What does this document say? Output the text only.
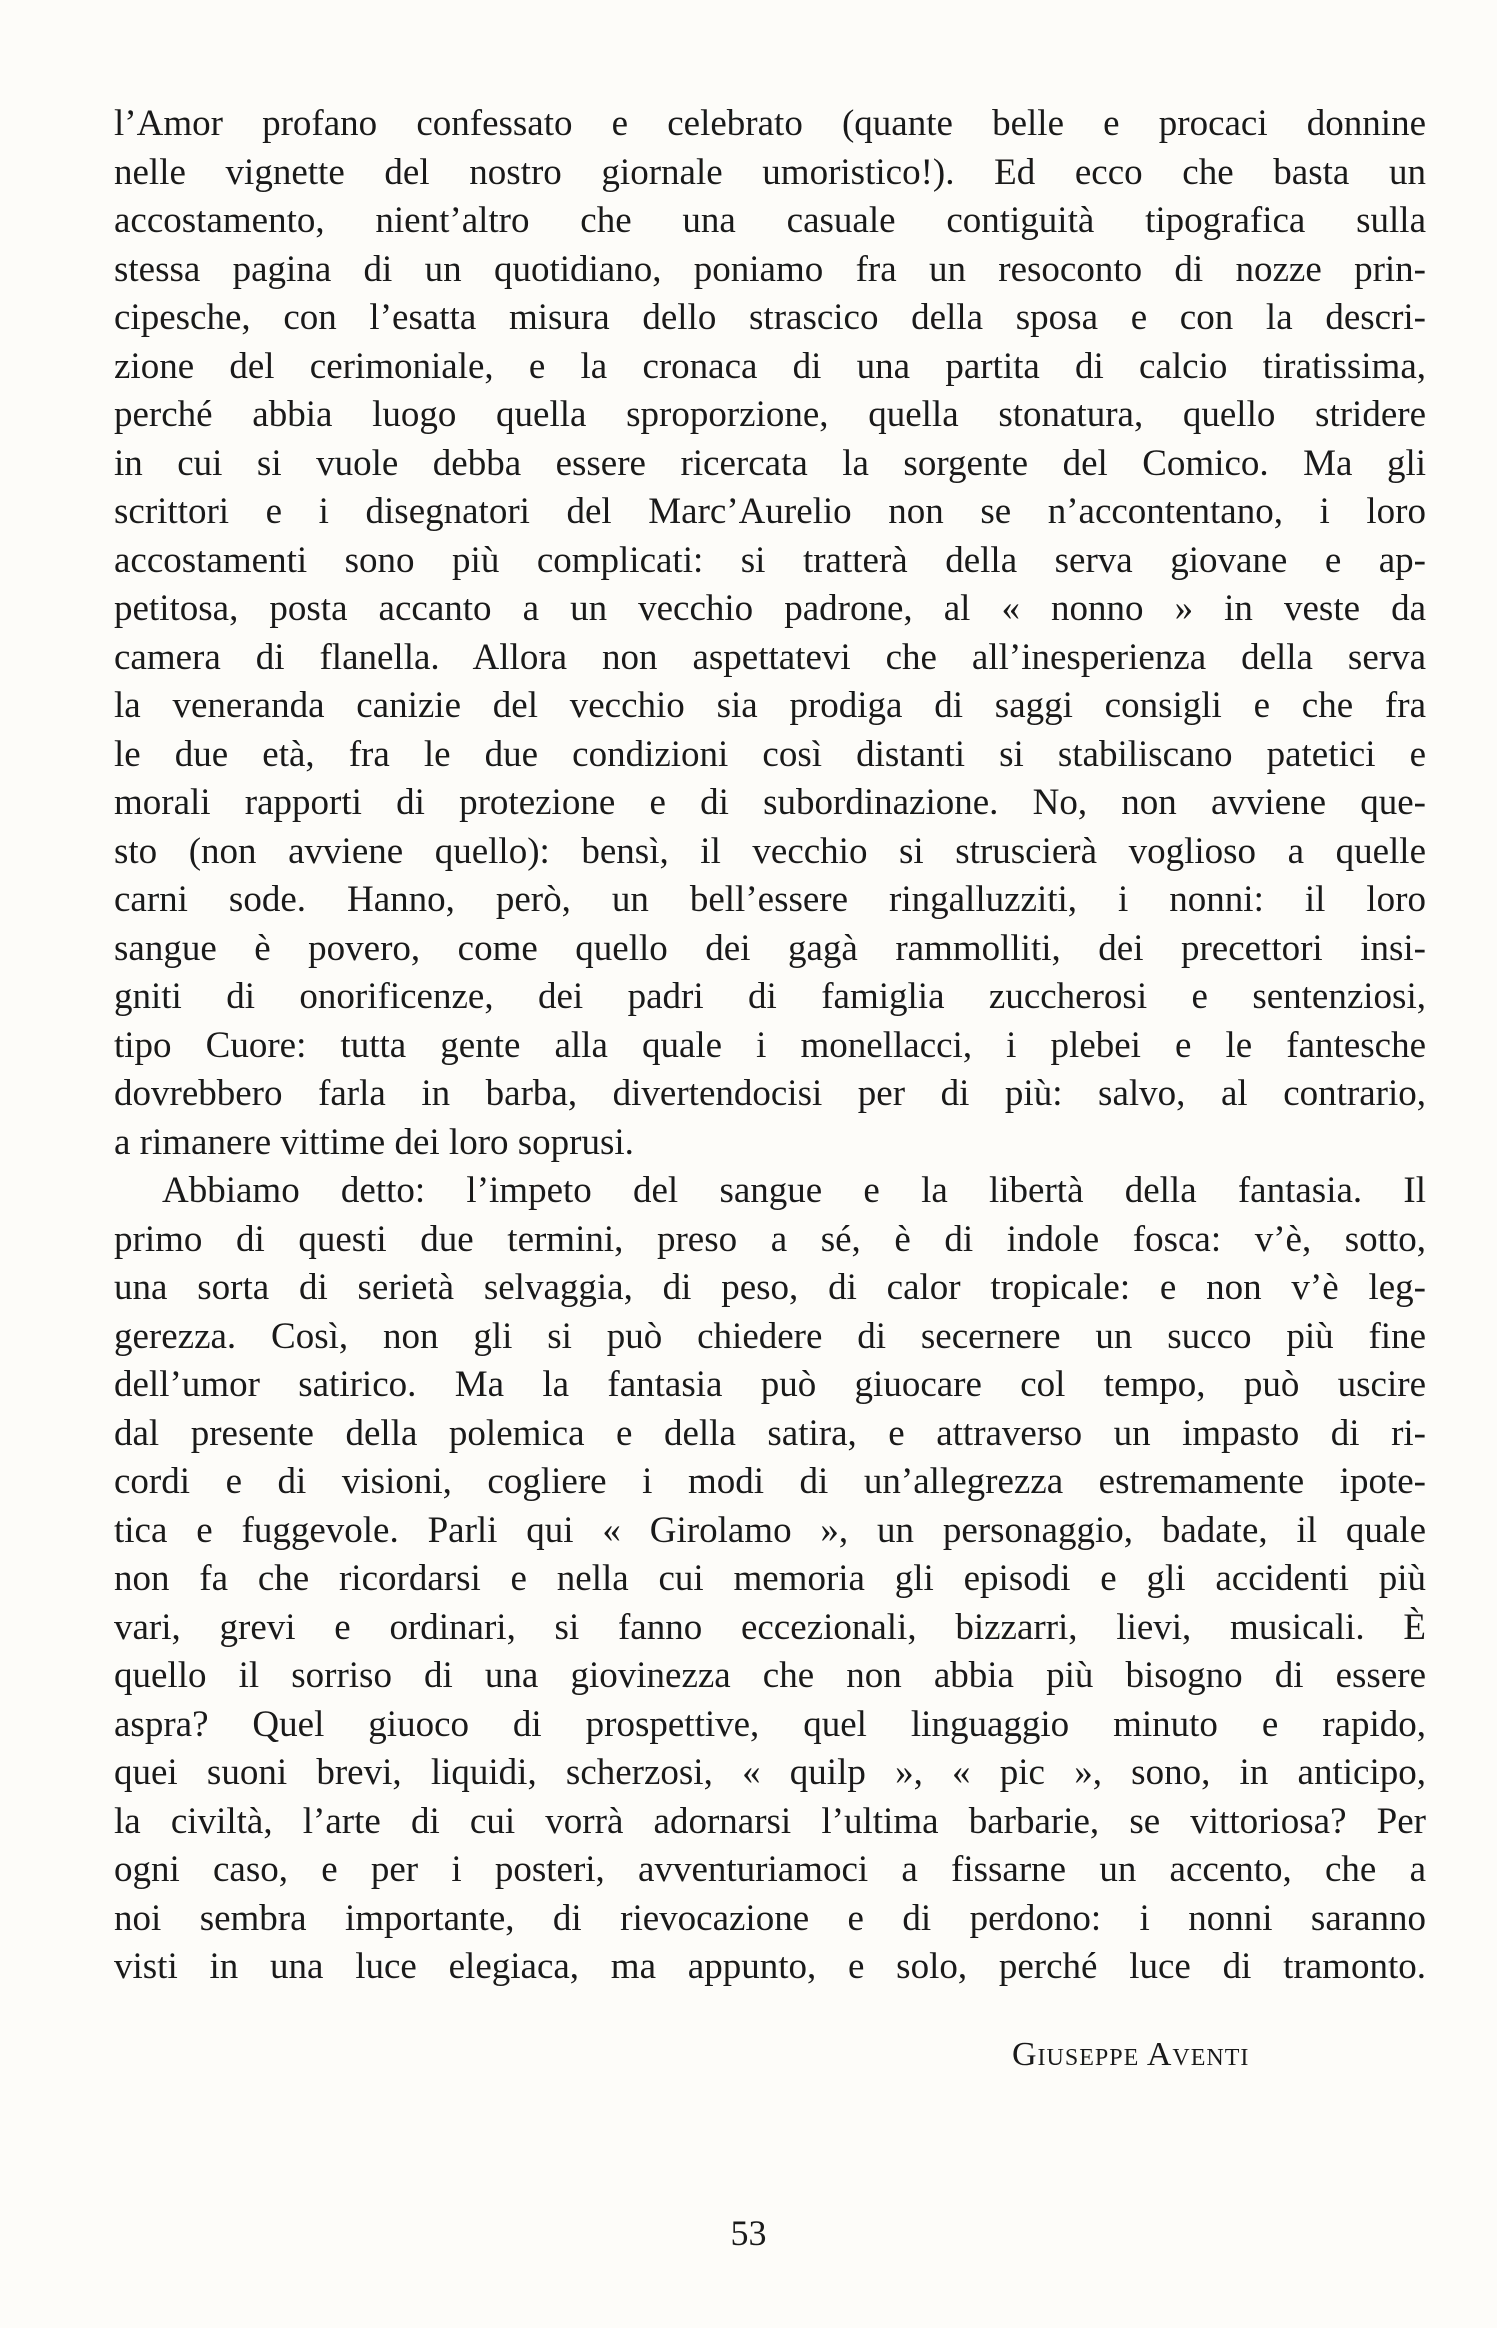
l’Amor profano confessato e celebrato (quante belle e procaci donnine
nelle vignette del nostro giornale umoristico!). Ed ecco che basta un
accostamento, nient’altro che una casuale contiguità tipografica sulla
stessa pagina di un quotidiano, poniamo fra un resoconto di nozze prin-
cipesche, con l’esatta misura dello strascico della sposa e con la descri-
zione del cerimoniale, e la cronaca di una partita di calcio tiratissima,
perché abbia luogo quella sproporzione, quella stonatura, quello stridere
in cui si vuole debba essere ricercata la sorgente del Comico. Ma gli
scrittori e i disegnatori del Marc’Aurelio non se n’accontentano, i loro
accostamenti sono più complicati: si tratterà della serva giovane e ap-
petitosa, posta accanto a un vecchio padrone, al « nonno » in veste da
camera di flanella. Allora non aspettatevi che all’inesperienza della serva
la veneranda canizie del vecchio sia prodiga di saggi consigli e che fra
le due età, fra le due condizioni così distanti si stabiliscano patetici e
morali rapporti di protezione e di subordinazione. No, non avviene que-
sto (non avviene quello): bensì, il vecchio si struscierà voglioso a quelle
carni sode. Hanno, però, un bell’essere ringalluzziti, i nonni: il loro
sangue è povero, come quello dei gagà rammolliti, dei precettori insi-
gniti di onorificenze, dei padri di famiglia zuccherosi e sentenziosi,
tipo Cuore: tutta gente alla quale i monellacci, i plebei e le fantesche
dovrebbero farla in barba, divertendocisi per di più: salvo, al contrario,
a rimanere vittime dei loro soprusi.
Abbiamo detto: l’impeto del sangue e la libertà della fantasia. Il
primo di questi due termini, preso a sé, è di indole fosca: v’è, sotto,
una sorta di serietà selvaggia, di peso, di calor tropicale: e non v’è leg-
gerezza. Così, non gli si può chiedere di secernere un succo più fine
dell’umor satirico. Ma la fantasia può giuocare col tempo, può uscire
dal presente della polemica e della satira, e attraverso un impasto di ri-
cordi e di visioni, cogliere i modi di un’allegrezza estremamente ipote-
tica e fuggevole. Parli qui « Girolamo », un personaggio, badate, il quale
non fa che ricordarsi e nella cui memoria gli episodi e gli accidenti più
vari, grevi e ordinari, si fanno eccezionali, bizzarri, lievi, musicali. È
quello il sorriso di una giovinezza che non abbia più bisogno di essere
aspra? Quel giuoco di prospettive, quel linguaggio minuto e rapido,
quei suoni brevi, liquidi, scherzosi, « quilp », « pic », sono, in anticipo,
la civiltà, l’arte di cui vorrà adornarsi l’ultima barbarie, se vittoriosa? Per
ogni caso, e per i posteri, avventuriamoci a fissarne un accento, che a
noi sembra importante, di rievocazione e di perdono: i nonni saranno
visti in una luce elegiaca, ma appunto, e solo, perché luce di tramonto.
Giuseppe Aventi
53
